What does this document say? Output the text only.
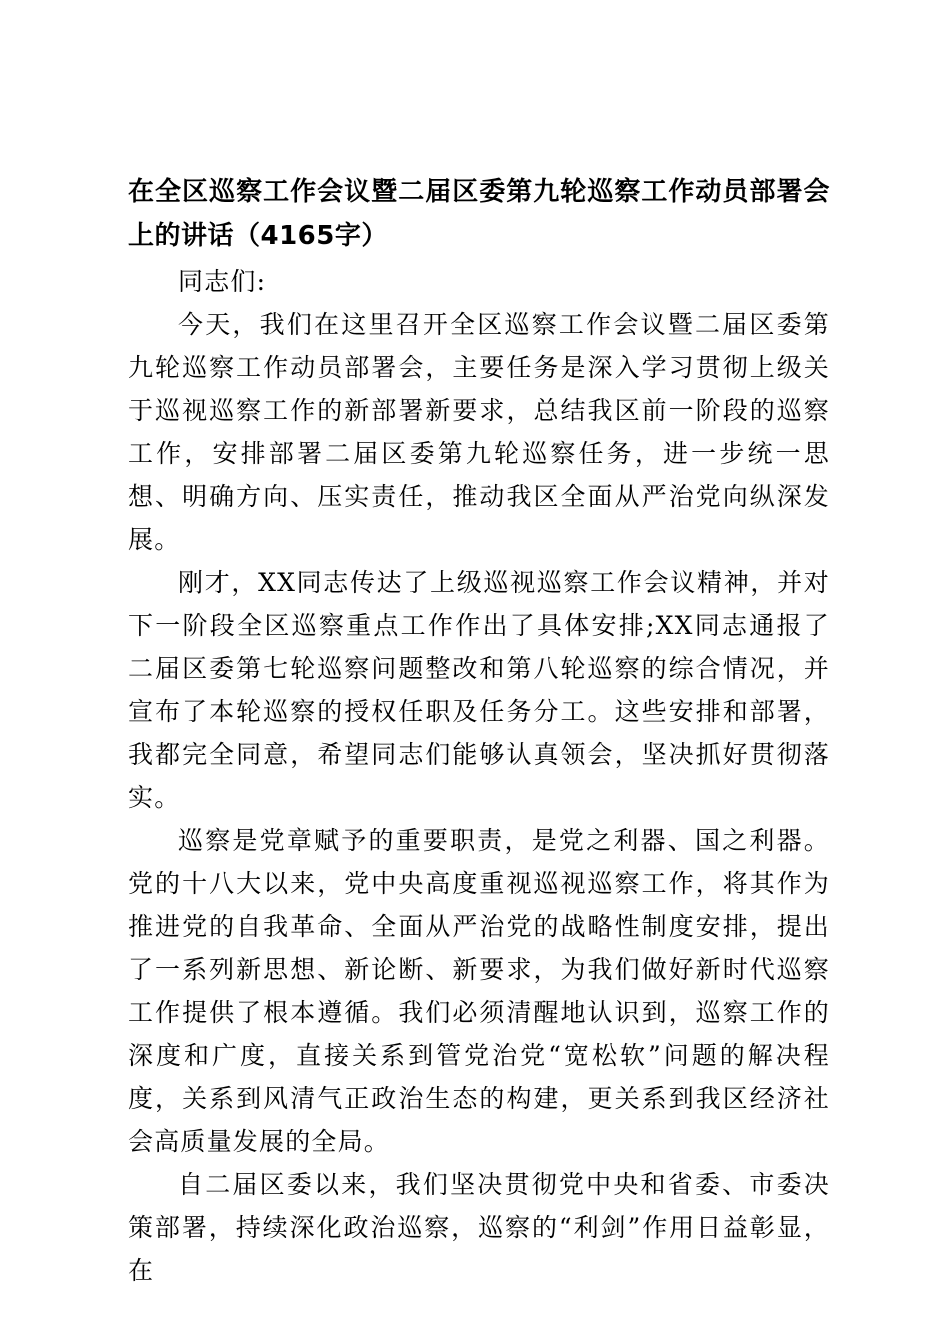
在全区巡察工作会议暨二届区委第九轮巡察工作动员部署会上的讲话（4165字）

同志们:

今天，我们在这里召开全区巡察工作会议暨二届区委第九轮巡察工作动员部署会，主要任务是深入学习贯彻上级关于巡视巡察工作的新部署新要求，总结我区前一阶段的巡察工作，安排部署二届区委第九轮巡察任务，进一步统一思想、明确方向、压实责任，推动我区全面从严治党向纵深发展。

刚才，XX同志传达了上级巡视巡察工作会议精神，并对下一阶段全区巡察重点工作作出了具体安排;XX同志通报了二届区委第七轮巡察问题整改和第八轮巡察的综合情况，并宣布了本轮巡察的授权任职及任务分工。这些安排和部署，我都完全同意，希望同志们能够认真领会，坚决抓好贯彻落实。

巡察是党章赋予的重要职责，是党之利器、国之利器。党的十八大以来，党中央高度重视巡视巡察工作，将其作为推进党的自我革命、全面从严治党的战略性制度安排，提出了一系列新思想、新论断、新要求，为我们做好新时代巡察工作提供了根本遵循。我们必须清醒地认识到，巡察工作的深度和广度，直接关系到管党治党“宽松软”问题的解决程度，关系到风清气正政治生态的构建，更关系到我区经济社会高质量发展的全局。

自二届区委以来，我们坚决贯彻党中央和省委、市委决策部署，持续深化政治巡察，巡察的“利剑”作用日益彰显，在
